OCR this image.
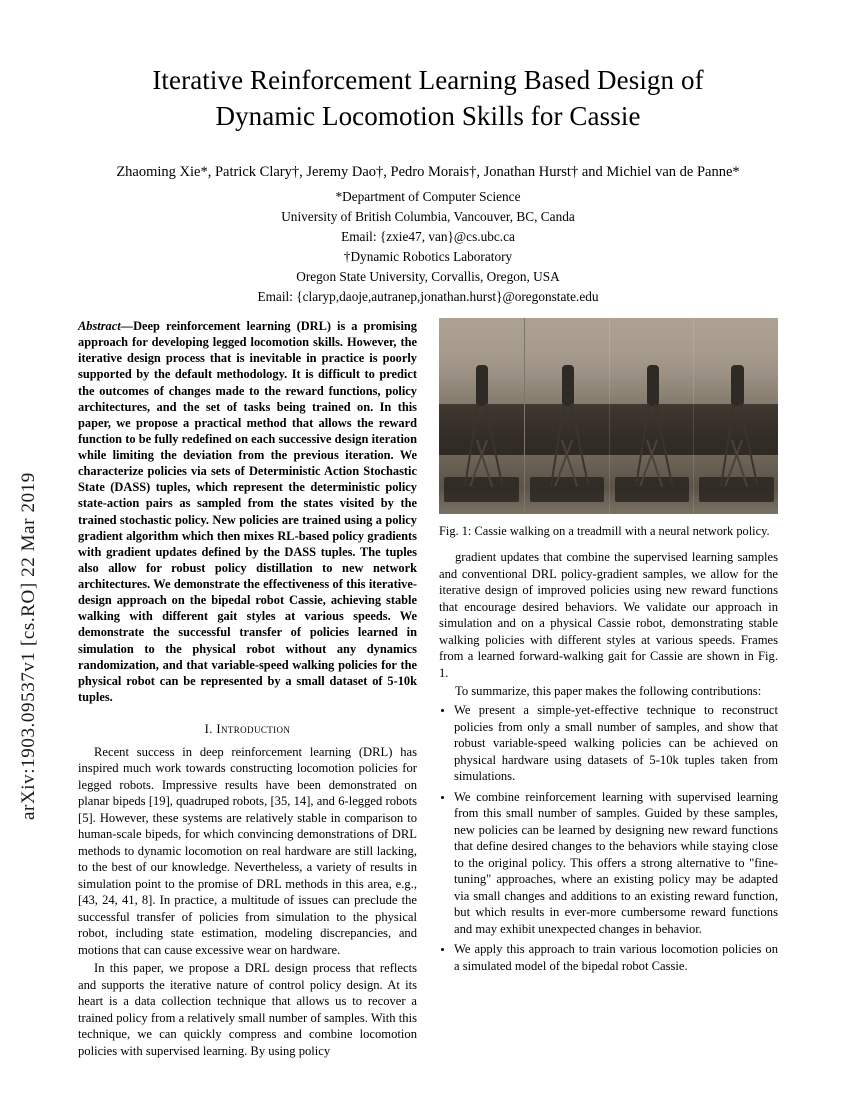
arXiv:1903.09537v1 [cs.RO] 22 Mar 2019
Iterative Reinforcement Learning Based Design of
Dynamic Locomotion Skills for Cassie
Zhaoming Xie*, Patrick Clary†, Jeremy Dao†, Pedro Morais†, Jonathan Hurst† and Michiel van de Panne*
*Department of Computer Science
University of British Columbia, Vancouver, BC, Canda
Email: {zxie47, van}@cs.ubc.ca
†Dynamic Robotics Laboratory
Oregon State University, Corvallis, Oregon, USA
Email: {claryp,daoje,autranep,jonathan.hurst}@oregonstate.edu
Abstract—Deep reinforcement learning (DRL) is a promising approach for developing legged locomotion skills. However, the iterative design process that is inevitable in practice is poorly supported by the default methodology. It is difficult to predict the outcomes of changes made to the reward functions, policy architectures, and the set of tasks being trained on. In this paper, we propose a practical method that allows the reward function to be fully redefined on each successive design iteration while limiting the deviation from the previous iteration. We characterize policies via sets of Deterministic Action Stochastic State (DASS) tuples, which represent the deterministic policy state-action pairs as sampled from the states visited by the trained stochastic policy. New policies are trained using a policy gradient algorithm which then mixes RL-based policy gradients with gradient updates defined by the DASS tuples. The tuples also allow for robust policy distillation to new network architectures. We demonstrate the effectiveness of this iterative-design approach on the bipedal robot Cassie, achieving stable walking with different gait styles at various speeds. We demonstrate the successful transfer of policies learned in simulation to the physical robot without any dynamics randomization, and that variable-speed walking policies for the physical robot can be represented by a small dataset of 5-10k tuples.
I. Introduction

Recent success in deep reinforcement learning (DRL) has inspired much work towards constructing locomotion policies for legged robots. Impressive results have been demonstrated on planar bipeds [19], quadruped robots, [35, 14], and 6-legged robots [5]. However, these systems are relatively stable in comparison to human-scale bipeds, for which convincing demonstrations of DRL methods to dynamic locomotion on real hardware are still lacking, to the best of our knowledge. Nevertheless, a variety of results in simulation point to the promise of DRL methods in this area, e.g., [43, 24, 41, 8]. In practice, a multitude of issues can preclude the successful transfer of policies from simulation to the physical robot, including state estimation, modeling discrepancies, and motions that can cause excessive wear on hardware.

In this paper, we propose a DRL design process that reflects and supports the iterative nature of control policy design. At its heart is a data collection technique that allows us to recover a trained policy from a relatively small number of samples. With this technique, we can quickly compress and combine locomotion policies with supervised learning. By using policy

Fig. 1: Cassie walking on a treadmill with a neural network policy.

gradient updates that combine the supervised learning samples and conventional DRL policy-gradient samples, we allow for the iterative design of improved policies using new reward functions that encourage desired behaviors. We validate our approach in simulation and on a physical Cassie robot, demonstrating stable walking policies with different styles at various speeds. Frames from a learned forward-walking gait for Cassie are shown in Fig. 1.

To summarize, this paper makes the following contributions:

• We present a simple-yet-effective technique to reconstruct policies from only a small number of samples, and show that robust variable-speed walking policies can be achieved on physical hardware using datasets of 5-10k tuples taken from simulations.
• We combine reinforcement learning with supervised learning from this small number of samples. Guided by these samples, new policies can be learned by designing new reward functions that define desired changes to the behaviors while staying close to the original policy. This offers a strong alternative to "fine-tuning" approaches, where an existing policy may be adapted via small changes and additions to an existing reward function, but which results in ever-more cumbersome reward functions and may exhibit unexpected changes in behavior.
• We apply this approach to train various locomotion policies on a simulated model of the bipedal robot Cassie.
